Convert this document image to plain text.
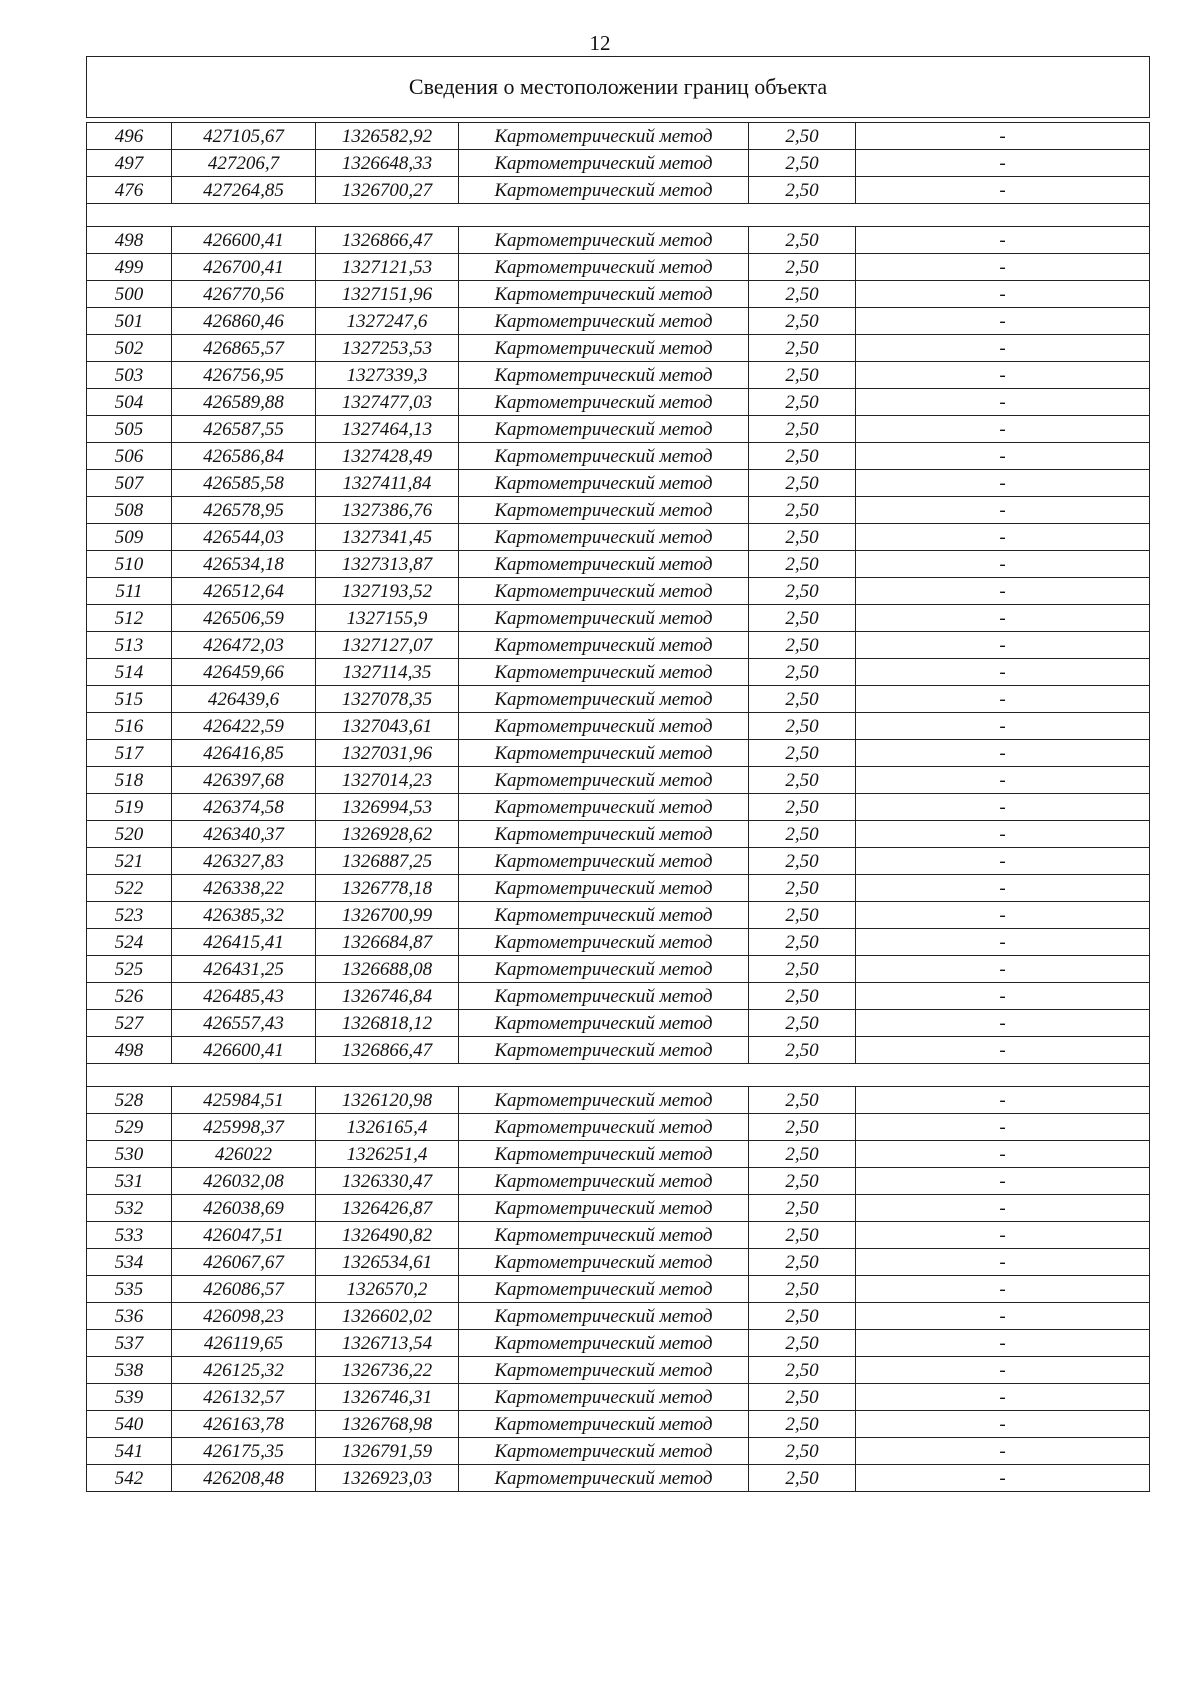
12
Сведения о местоположении границ объекта					

496	427105,67	1326582,92	Картометрический метод	2,50	-
497	427206,7	1326648,33	Картометрический метод	2,50	-
476	427264,85	1326700,27	Картометрический метод	2,50	-

498	426600,41	1326866,47	Картометрический метод	2,50	-
499	426700,41	1327121,53	Картометрический метод	2,50	-
500	426770,56	1327151,96	Картометрический метод	2,50	-
501	426860,46	1327247,6	Картометрический метод	2,50	-
502	426865,57	1327253,53	Картометрический метод	2,50	-
503	426756,95	1327339,3	Картометрический метод	2,50	-
504	426589,88	1327477,03	Картометрический метод	2,50	-
505	426587,55	1327464,13	Картометрический метод	2,50	-
506	426586,84	1327428,49	Картометрический метод	2,50	-
507	426585,58	1327411,84	Картометрический метод	2,50	-
508	426578,95	1327386,76	Картометрический метод	2,50	-
509	426544,03	1327341,45	Картометрический метод	2,50	-
510	426534,18	1327313,87	Картометрический метод	2,50	-
511	426512,64	1327193,52	Картометрический метод	2,50	-
512	426506,59	1327155,9	Картометрический метод	2,50	-
513	426472,03	1327127,07	Картометрический метод	2,50	-
514	426459,66	1327114,35	Картометрический метод	2,50	-
515	426439,6	1327078,35	Картометрический метод	2,50	-
516	426422,59	1327043,61	Картометрический метод	2,50	-
517	426416,85	1327031,96	Картометрический метод	2,50	-
518	426397,68	1327014,23	Картометрический метод	2,50	-
519	426374,58	1326994,53	Картометрический метод	2,50	-
520	426340,37	1326928,62	Картометрический метод	2,50	-
521	426327,83	1326887,25	Картометрический метод	2,50	-
522	426338,22	1326778,18	Картометрический метод	2,50	-
523	426385,32	1326700,99	Картометрический метод	2,50	-
524	426415,41	1326684,87	Картометрический метод	2,50	-
525	426431,25	1326688,08	Картометрический метод	2,50	-
526	426485,43	1326746,84	Картометрический метод	2,50	-
527	426557,43	1326818,12	Картометрический метод	2,50	-
498	426600,41	1326866,47	Картометрический метод	2,50	-

528	425984,51	1326120,98	Картометрический метод	2,50	-
529	425998,37	1326165,4	Картометрический метод	2,50	-
530	426022	1326251,4	Картометрический метод	2,50	-
531	426032,08	1326330,47	Картометрический метод	2,50	-
532	426038,69	1326426,87	Картометрический метод	2,50	-
533	426047,51	1326490,82	Картометрический метод	2,50	-
534	426067,67	1326534,61	Картометрический метод	2,50	-
535	426086,57	1326570,2	Картометрический метод	2,50	-
536	426098,23	1326602,02	Картометрический метод	2,50	-
537	426119,65	1326713,54	Картометрический метод	2,50	-
538	426125,32	1326736,22	Картометрический метод	2,50	-
539	426132,57	1326746,31	Картометрический метод	2,50	-
540	426163,78	1326768,98	Картометрический метод	2,50	-
541	426175,35	1326791,59	Картометрический метод	2,50	-
542	426208,48	1326923,03	Картометрический метод	2,50	-
